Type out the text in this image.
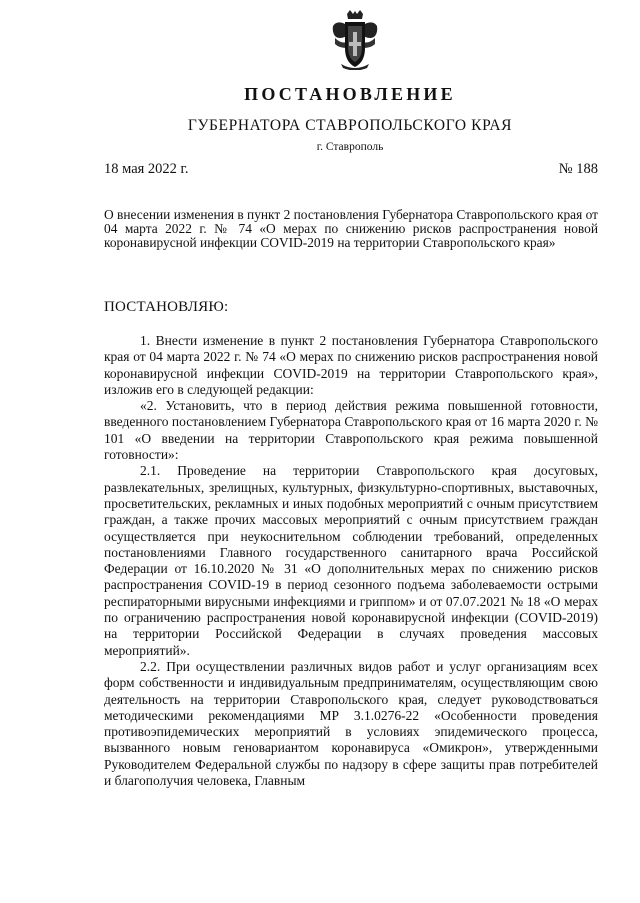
ПОСТАНОВЛЕНИЕ
ГУБЕРНАТОРА СТАВРОПОЛЬСКОГО КРАЯ
г. Ставрополь
18 мая 2022 г.	№ 188
О внесении изменения в пункт 2 постановления Губернатора Ставропольского края от 04 марта 2022 г. № 74 «О мерах по снижению рисков распространения новой коронавирусной инфекции COVID-2019 на территории Ставропольского края»
ПОСТАНОВЛЯЮ:

1. Внести изменение в пункт 2 постановления Губернатора Ставропольского края от 04 марта 2022 г. № 74 «О мерах по снижению рисков распространения новой коронавирусной инфекции COVID-2019 на территории Ставропольского края», изложив его в следующей редакции:

«2. Установить, что в период действия режима повышенной готовности, введенного постановлением Губернатора Ставропольского края от 16 марта 2020 г. № 101 «О введении на территории Ставропольского края режима повышенной готовности»:

2.1. Проведение на территории Ставропольского края досуговых, развлекательных, зрелищных, культурных, физкультурно-спортивных, выставочных, просветительских, рекламных и иных подобных мероприятий с очным присутствием граждан, а также прочих массовых мероприятий с очным присутствием граждан осуществляется при неукоснительном соблюдении требований, определенных постановлениями Главного государственного санитарного врача Российской Федерации от 16.10.2020 № 31 «О дополнительных мерах по снижению рисков распространения COVID-19 в период сезонного подъема заболеваемости острыми респираторными вирусными инфекциями и гриппом» и от 07.07.2021 № 18 «О мерах по ограничению распространения новой коронавирусной инфекции (COVID-2019) на территории Российской Федерации в случаях проведения массовых мероприятий».

2.2. При осуществлении различных видов работ и услуг организациям всех форм собственности и индивидуальным предпринимателям, осуществляющим свою деятельность на территории Ставропольского края, следует руководствоваться методическими рекомендациями МР 3.1.0276-22 «Особенности проведения противоэпидемических мероприятий в условиях эпидемического процесса, вызванного новым геновариантом коронавируса «Омикрон», утвержденными Руководителем Федеральной службы по надзору в сфере защиты прав потребителей и благополучия человека, Главным
